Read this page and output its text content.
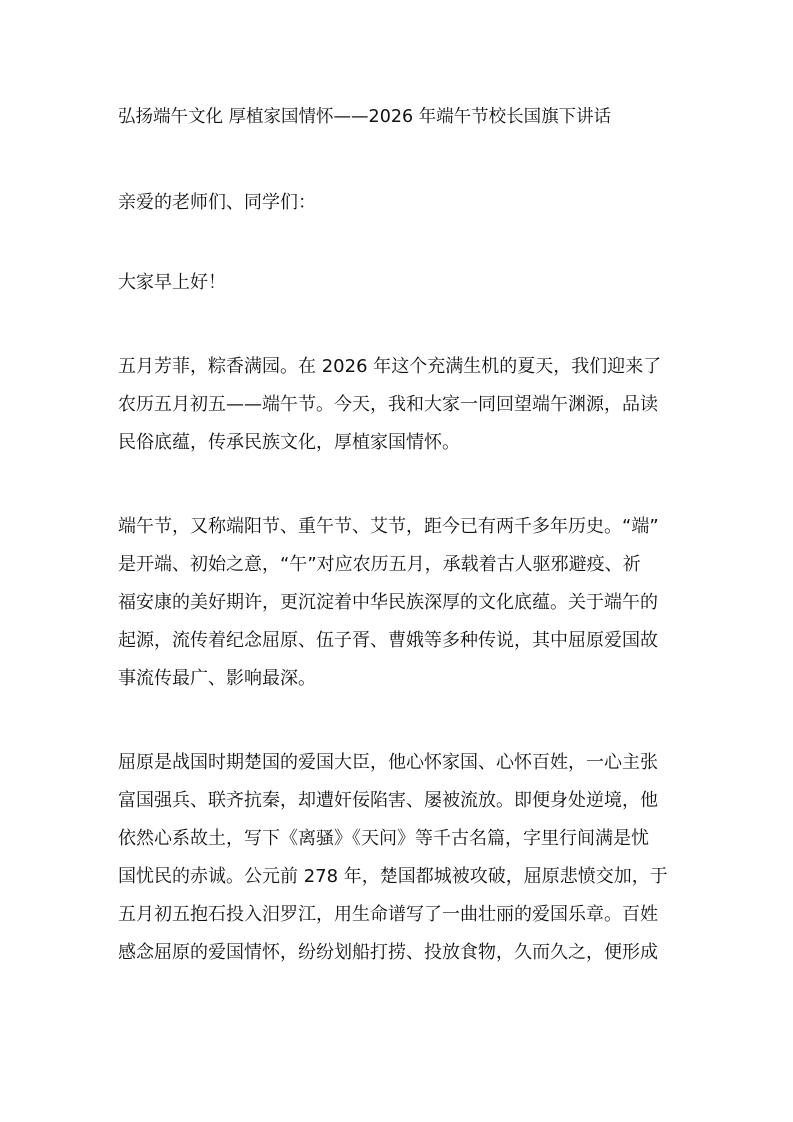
弘扬端午文化 厚植家国情怀——2026 年端午节校长国旗下讲话
亲爱的老师们、同学们：
大家早上好！
五月芳菲，粽香满园。在 2026 年这个充满生机的夏天，我们迎来了
农历五月初五——端午节。今天，我和大家一同回望端午渊源，品读
民俗底蕴，传承民族文化，厚植家国情怀。
端午节，又称端阳节、重午节、艾节，距今已有两千多年历史。“端”
是开端、初始之意，“午”对应农历五月，承载着古人驱邪避疫、祈
福安康的美好期许，更沉淀着中华民族深厚的文化底蕴。关于端午的
起源，流传着纪念屈原、伍子胥、曹娥等多种传说，其中屈原爱国故
事流传最广、影响最深。
屈原是战国时期楚国的爱国大臣，他心怀家国、心怀百姓，一心主张
富国强兵、联齐抗秦，却遭奸佞陷害、屡被流放。即便身处逆境，他
依然心系故土，写下《离骚》《天问》等千古名篇，字里行间满是忧
国忧民的赤诚。公元前 278 年，楚国都城被攻破，屈原悲愤交加，于
五月初五抱石投入汨罗江，用生命谱写了一曲壮丽的爱国乐章。百姓
感念屈原的爱国情怀，纷纷划船打捞、投放食物，久而久之，便形成
